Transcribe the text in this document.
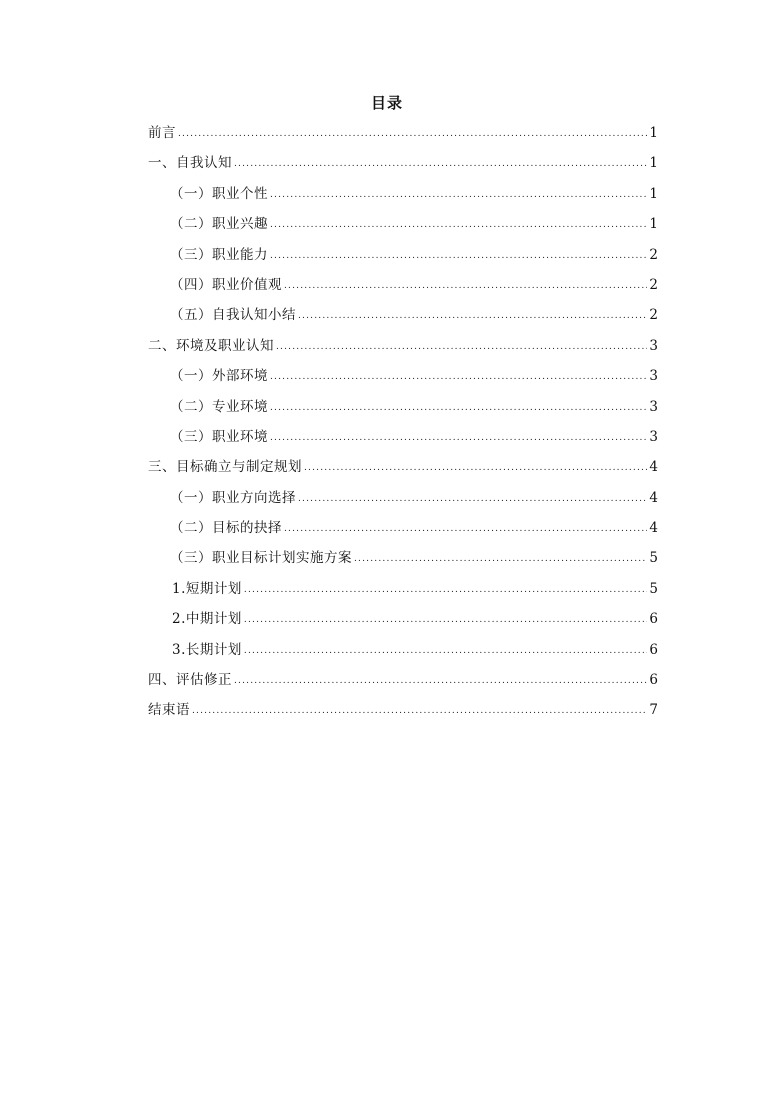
目录
前言 .....	1
一、自我认知 .....	1
（一）职业个性 .....	1
（二）职业兴趣 .....	1
（三）职业能力 .....	2
（四）职业价值观 .....	2
（五）自我认知小结 .....	2
二、环境及职业认知 .....	3
（一）外部环境 .....	3
（二）专业环境 .....	3
（三）职业环境 .....	3
三、目标确立与制定规划 .....	4
（一）职业方向选择 .....	4
（二）目标的抉择 .....	4
（三）职业目标计划实施方案 .....	5
1.短期计划 .....	5
2.中期计划 .....	6
3.长期计划 .....	6
四、评估修正 .....	6
结束语 .....	7
